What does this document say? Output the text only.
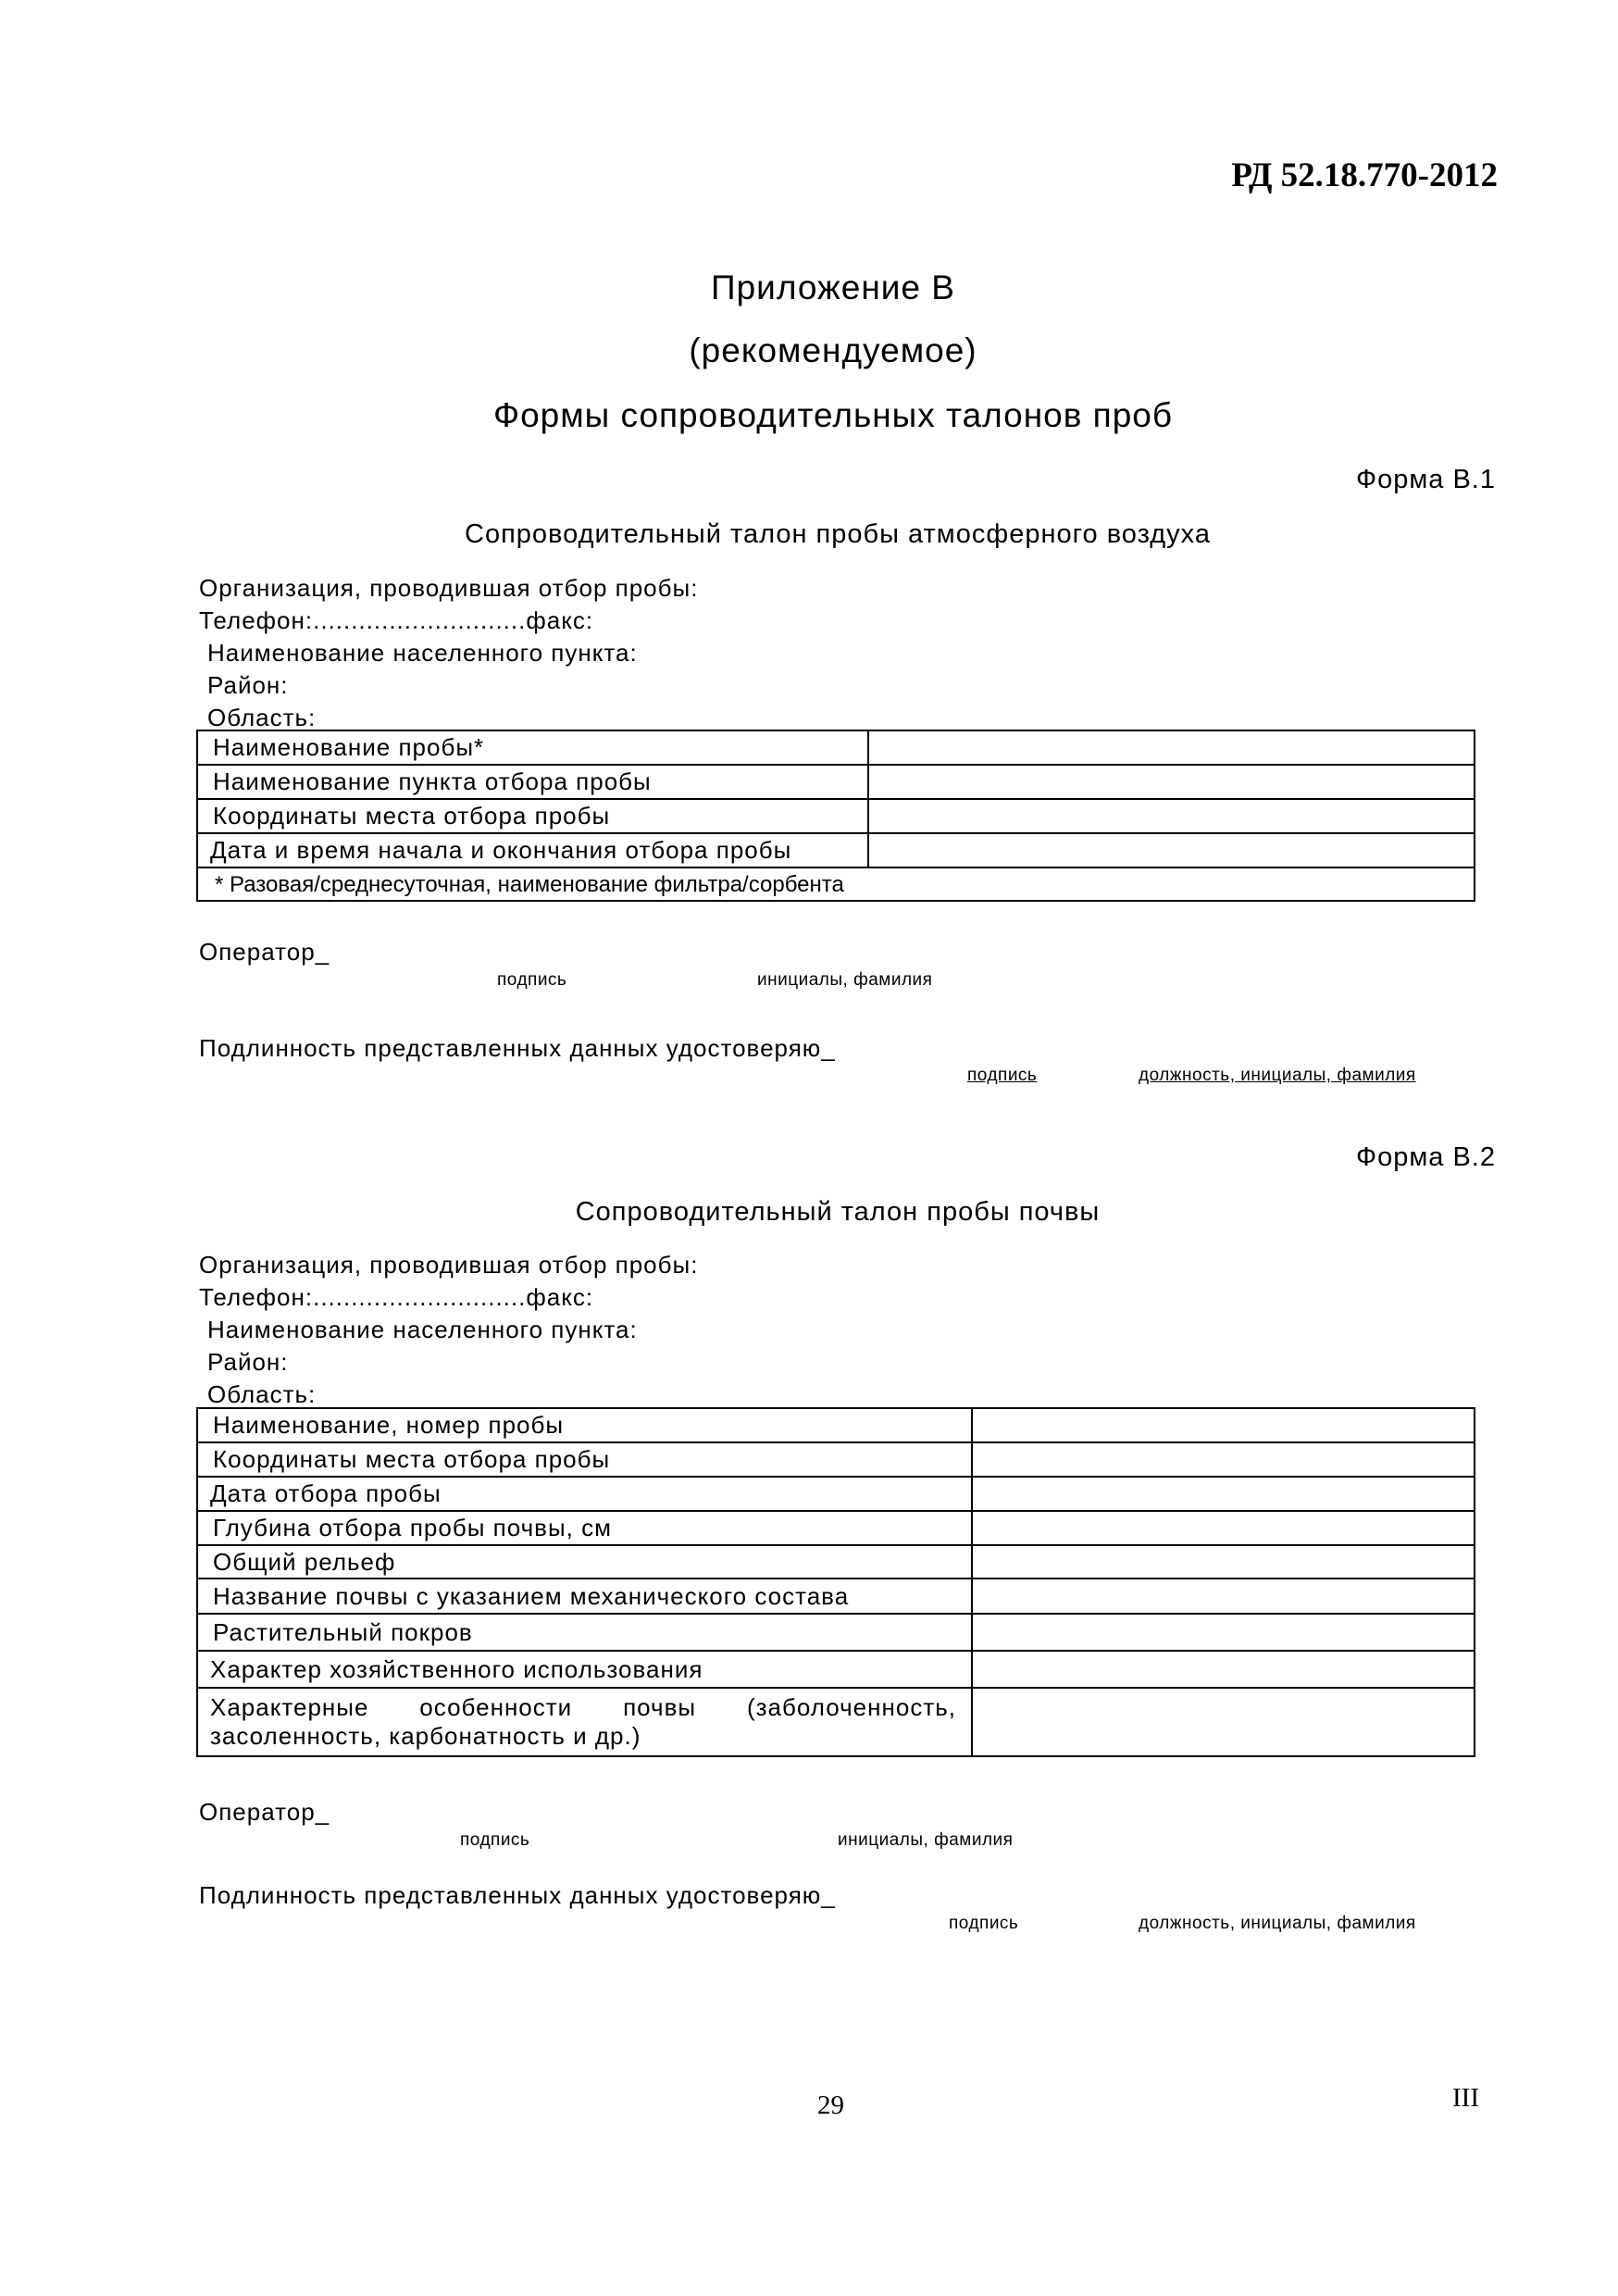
РД 52.18.770-2012
Приложение В
(рекомендуемое)
Формы сопроводительных талонов проб
Форма В.1
Сопроводительный талон пробы атмосферного воздуха
Организация, проводившая отбор пробы:
Телефон:............................факс:
Наименование населенного пункта:
Район:
Область:
Наименование пробы*	
Наименование пункта отбора пробы	
Координаты места отбора пробы	
Дата и время начала и окончания отбора пробы	
* Разовая/среднесуточная, наименование фильтра/сорбента	
Оператор_
подпись	инициалы, фамилия
Подлинность представленных данных удостоверяю_
подпись	должность, инициалы, фамилия
Форма В.2
Сопроводительный талон пробы почвы
Организация, проводившая отбор пробы:
Телефон:............................факс:
Наименование населенного пункта:
Район:
Область:
Наименование, номер пробы	
Координаты места отбора пробы	
Дата отбора пробы	
Глубина отбора пробы почвы, см	
Общий рельеф	
Название почвы с указанием механического состава	
Растительный покров	
Характер хозяйственного использования	
Характерные особенности почвы (заболоченность, засоленность, карбонатность и др.)	
Оператор_
подпись	инициалы, фамилия
Подлинность представленных данных удостоверяю_
подпись	должность, инициалы, фамилия
29	III
